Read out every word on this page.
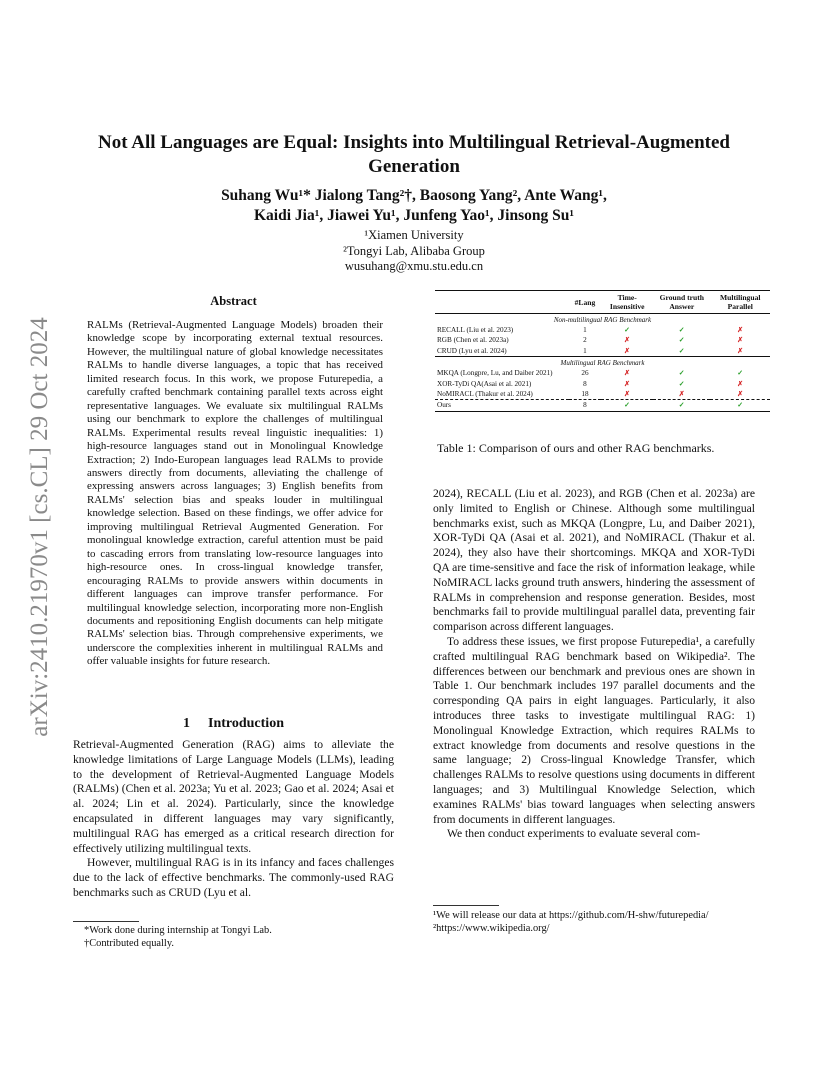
arXiv:2410.21970v1 [cs.CL] 29 Oct 2024
Not All Languages are Equal: Insights into Multilingual Retrieval-Augmented Generation
Suhang Wu¹* Jialong Tang²†, Baosong Yang², Ante Wang¹,
Kaidi Jia¹, Jiawei Yu¹, Junfeng Yao¹, Jinsong Su¹
¹Xiamen University
²Tongyi Lab, Alibaba Group
wusuhang@xmu.stu.edu.cn
Abstract
RALMs (Retrieval-Augmented Language Models) broaden their knowledge scope by incorporating external textual resources. However, the multilingual nature of global knowledge necessitates RALMs to handle diverse languages, a topic that has received limited research focus. In this work, we propose Futurepedia, a carefully crafted benchmark containing parallel texts across eight representative languages. We evaluate six multilingual RALMs using our benchmark to explore the challenges of multilingual RALMs. Experimental results reveal linguistic inequalities: 1) high-resource languages stand out in Monolingual Knowledge Extraction; 2) Indo-European languages lead RALMs to provide answers directly from documents, alleviating the challenge of expressing answers across languages; 3) English benefits from RALMs' selection bias and speaks louder in multilingual knowledge selection. Based on these findings, we offer advice for improving multilingual Retrieval Augmented Generation. For monolingual knowledge extraction, careful attention must be paid to cascading errors from translating low-resource languages into high-resource ones. In cross-lingual knowledge transfer, encouraging RALMs to provide answers within documents in different languages can improve transfer performance. For multilingual knowledge selection, incorporating more non-English documents and repositioning English documents can help mitigate RALMs' selection bias. Through comprehensive experiments, we underscore the complexities inherent in multilingual RALMs and offer valuable insights for future research.
1 Introduction

Retrieval-Augmented Generation (RAG) aims to alleviate the knowledge limitations of Large Language Models (LLMs), leading to the development of Retrieval-Augmented Language Models (RALMs) (Chen et al. 2023a; Yu et al. 2023; Gao et al. 2024; Asai et al. 2024; Lin et al. 2024). Particularly, since the knowledge encapsulated in different languages may vary significantly, multilingual RAG has emerged as a critical research direction for effectively utilizing multilingual texts.

However, multilingual RAG is in its infancy and faces challenges due to the lack of effective benchmarks. The commonly-used RAG benchmarks such as CRUD (Lyu et al.

*Work done during internship at Tongyi Lab.
†Contributed equally.
	#Lang	Time-Insensitive	Ground truth Answer	Multilingual Parallel
Non-multilingual RAG Benchmark				
RECALL (Liu et al. 2023)	1	✓	✓	✗
RGB (Chen et al. 2023a)	2	✗	✓	✗
CRUD (Lyu et al. 2024)	1	✗	✓	✗
Multilingual RAG Benchmark				
MKQA (Longpre, Lu, and Daiber 2021)	26	✗	✓	✓
XOR-TyDi QA(Asai et al. 2021)	8	✗	✓	✗
NoMIRACL (Thakur et al. 2024)	18	✗	✗	✗
Ours	8	✓	✓	✓
Table 1: Comparison of ours and other RAG benchmarks.

2024), RECALL (Liu et al. 2023), and RGB (Chen et al. 2023a) are only limited to English or Chinese. Although some multilingual benchmarks exist, such as MKQA (Longpre, Lu, and Daiber 2021), XOR-TyDi QA (Asai et al. 2021), and NoMIRACL (Thakur et al. 2024), they also have their shortcomings. MKQA and XOR-TyDi QA are time-sensitive and face the risk of information leakage, while NoMIRACL lacks ground truth answers, hindering the assessment of RALMs in comprehension and response generation. Besides, most benchmarks fail to provide multilingual parallel data, preventing fair comparison across different languages.

To address these issues, we first propose Futurepedia¹, a carefully crafted multilingual RAG benchmark based on Wikipedia². The differences between our benchmark and previous ones are shown in Table 1. Our benchmark includes 197 parallel documents and the corresponding QA pairs in eight languages. Particularly, it also introduces three tasks to investigate multilingual RAG: 1) Monolingual Knowledge Extraction, which requires RALMs to extract knowledge from documents and resolve questions in the same language; 2) Cross-lingual Knowledge Transfer, which challenges RALMs to resolve questions using documents in different languages; and 3) Multilingual Knowledge Selection, which examines RALMs' bias toward languages when selecting answers from documents in different languages.

We then conduct experiments to evaluate several com-

¹We will release our data at https://github.com/H-shw/futurepedia/
²https://www.wikipedia.org/
